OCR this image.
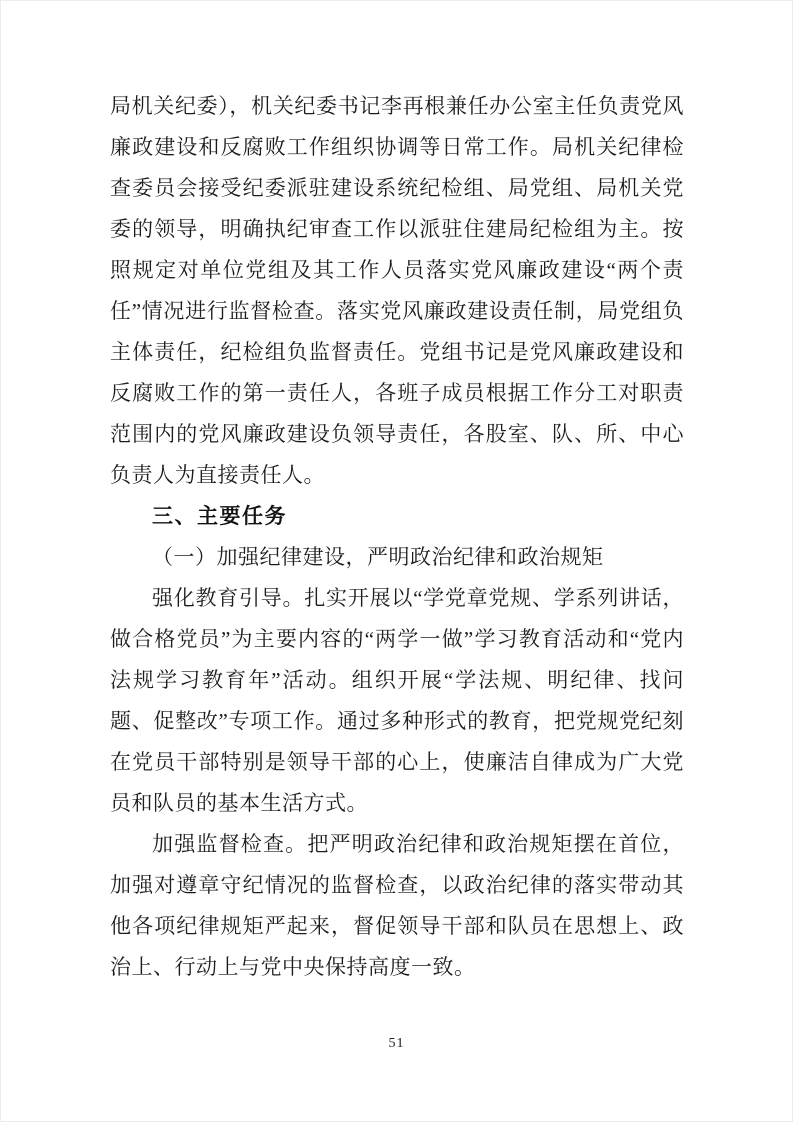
局机关纪委），机关纪委书记李再根兼任办公室主任负责党风廉政建设和反腐败工作组织协调等日常工作。局机关纪律检查委员会接受纪委派驻建设系统纪检组、局党组、局机关党委的领导，明确执纪审查工作以派驻住建局纪检组为主。按照规定对单位党组及其工作人员落实党风廉政建设“两个责任”情况进行监督检查。落实党风廉政建设责任制，局党组负主体责任，纪检组负监督责任。党组书记是党风廉政建设和反腐败工作的第一责任人，各班子成员根据工作分工对职责范围内的党风廉政建设负领导责任，各股室、队、所、中心负责人为直接责任人。

三、主要任务

（一）加强纪律建设，严明政治纪律和政治规矩

强化教育引导。扎实开展以“学党章党规、学系列讲话，做合格党员”为主要内容的“两学一做”学习教育活动和“党内法规学习教育年”活动。组织开展“学法规、明纪律、找问题、促整改”专项工作。通过多种形式的教育，把党规党纪刻在党员干部特别是领导干部的心上，使廉洁自律成为广大党员和队员的基本生活方式。

加强监督检查。把严明政治纪律和政治规矩摆在首位，加强对遵章守纪情况的监督检查，以政治纪律的落实带动其他各项纪律规矩严起来，督促领导干部和队员在思想上、政治上、行动上与党中央保持高度一致。

51
